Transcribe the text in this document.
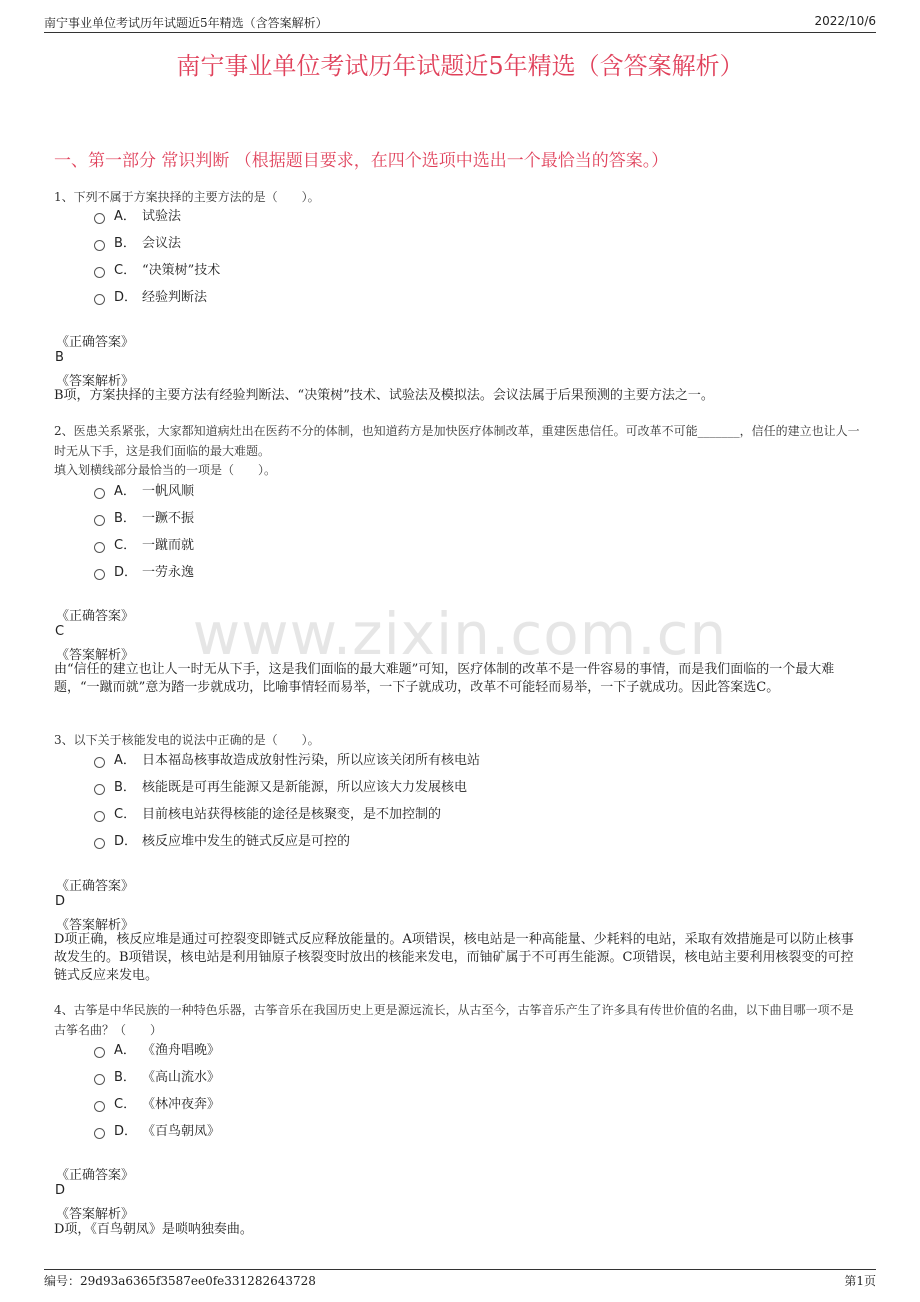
南宁事业单位考试历年试题近5年精选（含答案解析）	2022/10/6
南宁事业单位考试历年试题近5年精选（含答案解析）
一、第一部分 常识判断 （根据题目要求，在四个选项中选出一个最恰当的答案。）
www.zixin.com.cn
1、下列不属于方案抉择的主要方法的是（　　）。
A． 试验法
B． 会议法
C． “决策树”技术
D． 经验判断法
《正确答案》
B
《答案解析》
B项，方案抉择的主要方法有经验判断法、“决策树”技术、试验法及模拟法。会议法属于后果预测的主要方法之一。
2、医患关系紧张，大家都知道病灶出在医药不分的体制，也知道药方是加快医疗体制改革，重建医患信任。可改革不可能_______，信任的建立也让人一时无从下手，这是我们面临的最大难题。
填入划横线部分最恰当的一项是（　　）。
A． 一帆风顺
B． 一蹶不振
C． 一蹴而就
D． 一劳永逸
《正确答案》
C
《答案解析》
由“信任的建立也让人一时无从下手，这是我们面临的最大难题”可知，医疗体制的改革不是一件容易的事情，而是我们面临的一个最大难题，“一蹴而就”意为踏一步就成功，比喻事情轻而易举，一下子就成功，改革不可能轻而易举，一下子就成功。因此答案选C。
3、以下关于核能发电的说法中正确的是（　　）。
A． 日本福岛核事故造成放射性污染，所以应该关闭所有核电站
B． 核能既是可再生能源又是新能源，所以应该大力发展核电
C． 目前核电站获得核能的途径是核聚变，是不加控制的
D． 核反应堆中发生的链式反应是可控的
《正确答案》
D
《答案解析》
D项正确，核反应堆是通过可控裂变即链式反应释放能量的。A项错误，核电站是一种高能量、少耗料的电站，采取有效措施是可以防止核事故发生的。B项错误，核电站是利用铀原子核裂变时放出的核能来发电，而铀矿属于不可再生能源。C项错误，核电站主要利用核裂变的可控链式反应来发电。
4、古筝是中华民族的一种特色乐器，古筝音乐在我国历史上更是源远流长，从古至今，古筝音乐产生了许多具有传世价值的名曲，以下曲目哪一项不是古筝名曲？（　　）
A． 《渔舟唱晚》
B． 《高山流水》
C． 《林冲夜奔》
D． 《百鸟朝凤》
《正确答案》
D
《答案解析》
D项，《百鸟朝凤》是唢呐独奏曲。
编号：29d93a6365f3587ee0fe331282643728	第1页
